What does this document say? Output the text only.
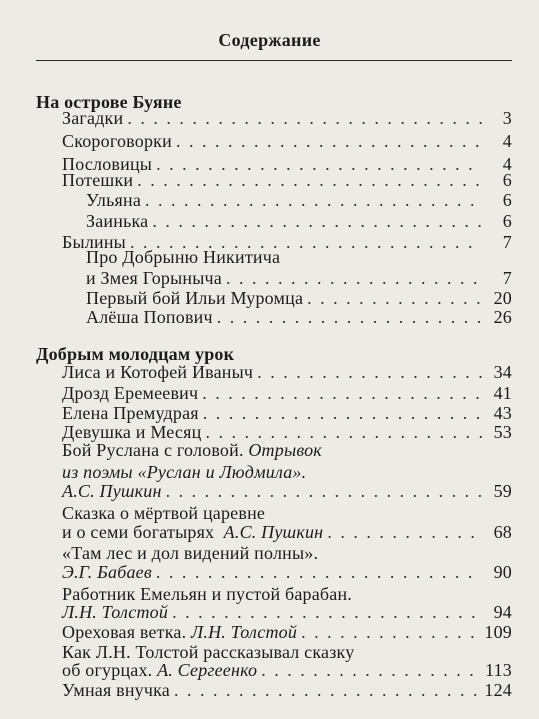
Содержание
На острове Буяне
Загадки . . .	3
Скороговорки . . .	4
Пословицы . . .	4
Потешки . . .	6
Ульяна . . .	6
Заинька . . .	6
Былины . . .	7
Про Добрыню Никитича
и Змея Горыныча . . .	7
Первый бой Ильи Муромца . . .	20
Алёша Попович . . .	26
Добрым молодцам урок
Лиса и Котофей Иваныч . . .	34
Дрозд Еремеевич . . .	41
Елена Премудрая . . .	43
Девушка и Месяц . . .	53
Бой Руслана с головой. Отрывок
из поэмы «Руслан и Людмила».
А.С. Пушкин . . .	59
Сказка о мёртвой царевне
и о семи богатырях А.С. Пушкин . . .	68
«Там лес и дол видений полны».
Э.Г. Бабаев . . .	90
Работник Емельян и пустой барабан.
Л.Н. Толстой . . .	94
Ореховая ветка. Л.Н. Толстой . . .	109
Как Л.Н. Толстой рассказывал сказку
об огурцах. А. Сергеенко . . .	113
Умная внучка . . .	124
